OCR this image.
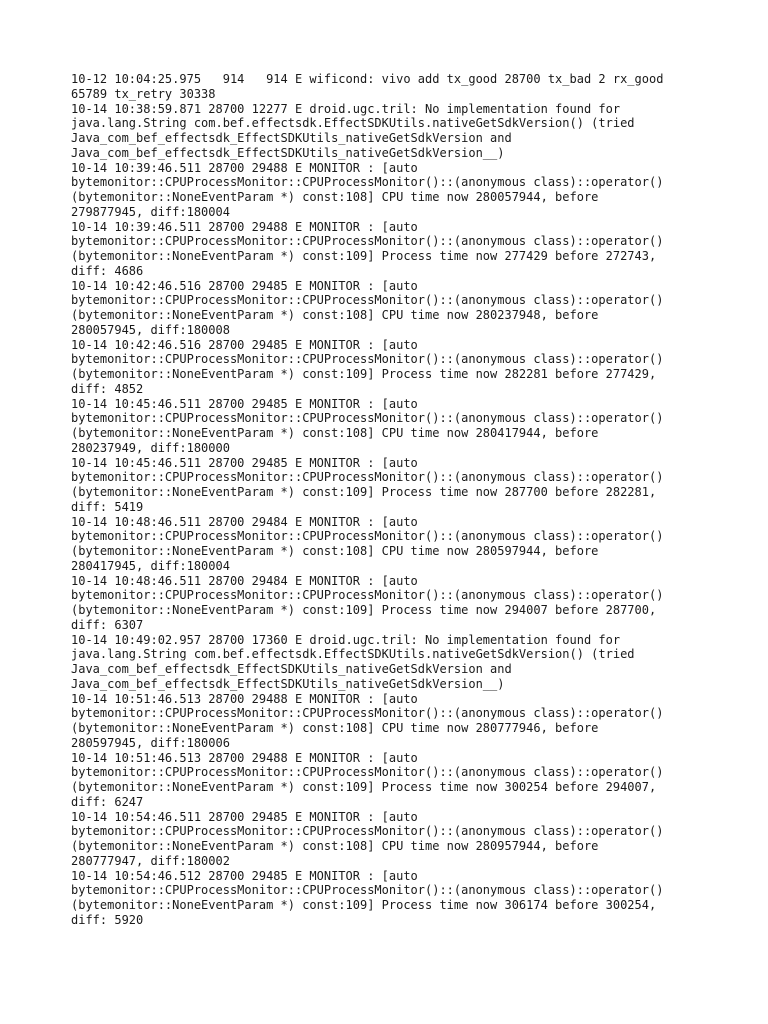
10-12 10:04:25.975   914   914 E wificond: vivo add tx_good 28700 tx_bad 2 rx_good
65789 tx_retry 30338
10-14 10:38:59.871 28700 12277 E droid.ugc.tril: No implementation found for
java.lang.String com.bef.effectsdk.EffectSDKUtils.nativeGetSdkVersion() (tried
Java_com_bef_effectsdk_EffectSDKUtils_nativeGetSdkVersion and
Java_com_bef_effectsdk_EffectSDKUtils_nativeGetSdkVersion__)
10-14 10:39:46.511 28700 29488 E MONITOR : [auto
bytemonitor::CPUProcessMonitor::CPUProcessMonitor()::(anonymous class)::operator()
(bytemonitor::NoneEventParam *) const:108] CPU time now 280057944, before
279877945, diff:180004
10-14 10:39:46.511 28700 29488 E MONITOR : [auto
bytemonitor::CPUProcessMonitor::CPUProcessMonitor()::(anonymous class)::operator()
(bytemonitor::NoneEventParam *) const:109] Process time now 277429 before 272743,
diff: 4686
10-14 10:42:46.516 28700 29485 E MONITOR : [auto
bytemonitor::CPUProcessMonitor::CPUProcessMonitor()::(anonymous class)::operator()
(bytemonitor::NoneEventParam *) const:108] CPU time now 280237948, before
280057945, diff:180008
10-14 10:42:46.516 28700 29485 E MONITOR : [auto
bytemonitor::CPUProcessMonitor::CPUProcessMonitor()::(anonymous class)::operator()
(bytemonitor::NoneEventParam *) const:109] Process time now 282281 before 277429,
diff: 4852
10-14 10:45:46.511 28700 29485 E MONITOR : [auto
bytemonitor::CPUProcessMonitor::CPUProcessMonitor()::(anonymous class)::operator()
(bytemonitor::NoneEventParam *) const:108] CPU time now 280417944, before
280237949, diff:180000
10-14 10:45:46.511 28700 29485 E MONITOR : [auto
bytemonitor::CPUProcessMonitor::CPUProcessMonitor()::(anonymous class)::operator()
(bytemonitor::NoneEventParam *) const:109] Process time now 287700 before 282281,
diff: 5419
10-14 10:48:46.511 28700 29484 E MONITOR : [auto
bytemonitor::CPUProcessMonitor::CPUProcessMonitor()::(anonymous class)::operator()
(bytemonitor::NoneEventParam *) const:108] CPU time now 280597944, before
280417945, diff:180004
10-14 10:48:46.511 28700 29484 E MONITOR : [auto
bytemonitor::CPUProcessMonitor::CPUProcessMonitor()::(anonymous class)::operator()
(bytemonitor::NoneEventParam *) const:109] Process time now 294007 before 287700,
diff: 6307
10-14 10:49:02.957 28700 17360 E droid.ugc.tril: No implementation found for
java.lang.String com.bef.effectsdk.EffectSDKUtils.nativeGetSdkVersion() (tried
Java_com_bef_effectsdk_EffectSDKUtils_nativeGetSdkVersion and
Java_com_bef_effectsdk_EffectSDKUtils_nativeGetSdkVersion__)
10-14 10:51:46.513 28700 29488 E MONITOR : [auto
bytemonitor::CPUProcessMonitor::CPUProcessMonitor()::(anonymous class)::operator()
(bytemonitor::NoneEventParam *) const:108] CPU time now 280777946, before
280597945, diff:180006
10-14 10:51:46.513 28700 29488 E MONITOR : [auto
bytemonitor::CPUProcessMonitor::CPUProcessMonitor()::(anonymous class)::operator()
(bytemonitor::NoneEventParam *) const:109] Process time now 300254 before 294007,
diff: 6247
10-14 10:54:46.511 28700 29485 E MONITOR : [auto
bytemonitor::CPUProcessMonitor::CPUProcessMonitor()::(anonymous class)::operator()
(bytemonitor::NoneEventParam *) const:108] CPU time now 280957944, before
280777947, diff:180002
10-14 10:54:46.512 28700 29485 E MONITOR : [auto
bytemonitor::CPUProcessMonitor::CPUProcessMonitor()::(anonymous class)::operator()
(bytemonitor::NoneEventParam *) const:109] Process time now 306174 before 300254,
diff: 5920
